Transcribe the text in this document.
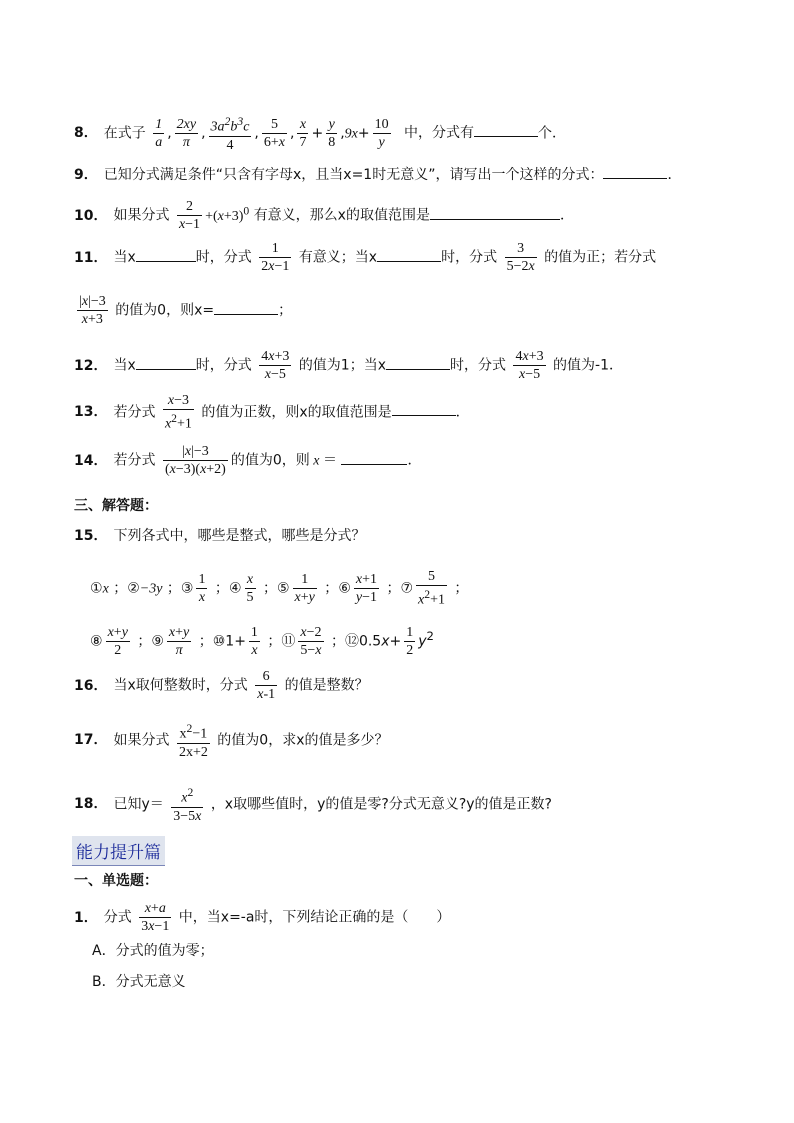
8． 在式子 $\frac{1}{a}$ , $\frac{2xy}{\pi}$ , $\frac{3a^2b^3c}{4}$ , $\frac{5}{6+x}$ , $\frac{x}{7} + \frac{y}{8} ,9x+ \frac{10}{y}$ 中，分式有	个．
9． 已知分式满足条件“只含有字母x，且当x=1时无意义”，请写出一个这样的分式：	．
10． 如果分式 $\frac{2}{x-1} +(x+3)^0$ 有意义，那么x的取值范围是	．
11． 当x	时，分式 $\frac{1}{2x-1}$ 有意义；当x	时，分式 $\frac{3}{5-2x}$ 的值为正；若分式
$\frac{|x|-3}{x+3}$ 的值为0，则x=	；
12． 当x	时，分式 $\frac{4x+3}{x-5}$ 的值为1；当x	时，分式 $\frac{4x+3}{x-5}$ 的值为-1．
13． 若分式 $\frac{x-3}{x^2+1}$ 的值为正数，则x的取值范围是	．
14． 若分式 $\frac{|x|-3}{(x-3)(x+2)}$ 的值为0，则 x ＝	．
三、解答题：
15． 下列各式中，哪些是整式，哪些是分式？
①x ；②−3y ；③ $\frac{1}{x}$ ；④ $\frac{x}{5}$ ；⑤ $\frac{1}{x+y}$ ；⑥ $\frac{x+1}{y-1}$ ；⑦ $\frac{5}{x^2+1}$ ；
⑧ $\frac{x+y}{2}$ ；⑨ $\frac{x+y}{\pi}$ ；⑩1+ $\frac{1}{x}$ ；⑪ $\frac{x-2}{5-x}$ ；⑫0.5x+ $\frac{1}{2} y^2$
16． 当x取何整数时，分式 $\frac{6}{x-1}$ 的值是整数？
17． 如果分式 $\frac{x^2-1}{2x+2}$ 的值为0，求x的值是多少？
18． 已知$y= \frac{x^2}{3-5x}$ ，x取哪些值时，y的值是零?分式无意义?y的值是正数?
能力提升篇
一、单选题：
1． 分式 $\frac{x+a}{3x-1}$ 中，当x=-a时，下列结论正确的是（　　）
A．分式的值为零；
B．分式无意义
